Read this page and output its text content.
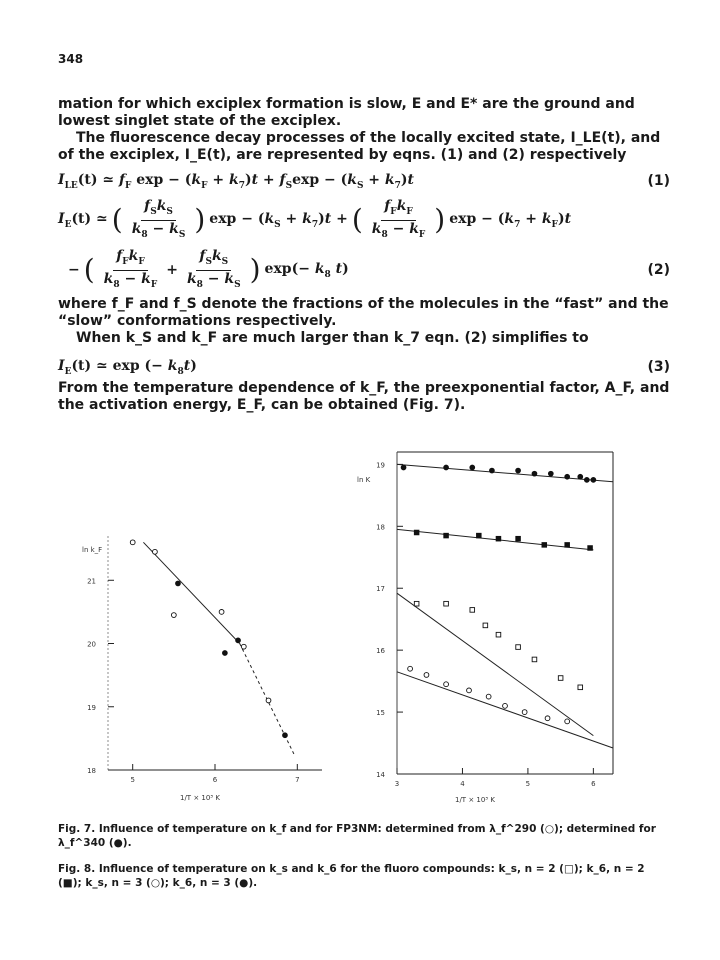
348

mation for which exciplex formation is slow, E and E* are the ground and lowest singlet state of the exciplex.

The fluorescence decay processes of the locally excited state, I_LE(t), and of the exciplex, I_E(t), are represented by eqns. (1) and (2) respectively

$I_{LE}(t)$ ≃ $f_F$ $\exp - (k_F + k_7)t + f_S\exp - (k_S + k_7)t$	(1)
$I_E(t)$ ≃ ( $\frac{f_Sk_S}{k_8 - k_S}$ ) $\exp - (k_S + k_7)t$ + ( $\frac{f_Fk_F}{k_8 - k_F}$ ) $\exp - (k_7 + k_F)t$
− ( $\frac{f_Fk_F}{k_8 - k_F} + \frac{f_Sk_S}{k_8 - k_S}$ ) $\exp(- k_8$ t)	(2)

where f_F and f_S denote the fractions of the molecules in the “fast” and the “slow” conformations respectively.

When k_S and k_F are much larger than k_7 eqn. (2) simplifies to

$I_E(t)$ ≃ exp (− $k_8t$)	(3)

From the temperature dependence of k_F, the preexponential factor, A_F, and the activation energy, E_F, can be obtained (Fig. 7).

21
20
19
18
5	6	7
ln k_F
1/T × 10³ K
19
18
17
16
15
14
3	4	5	6
ln K
1/T × 10³ K
Fig. 7. Influence of temperature on k_f and for FP3NM: determined from λ_f^290 (○); determined for λ_f^340 (●).
Fig. 8. Influence of temperature on k_s and k_6 for the fluoro compounds: k_s, n = 2 (□); k_6, n = 2 (■); k_s, n = 3 (○); k_6, n = 3 (●).
